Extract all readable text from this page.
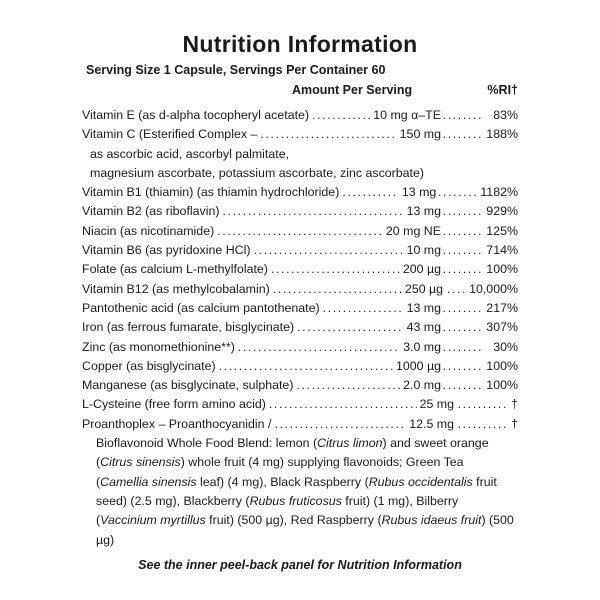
Nutrition Information
Serving Size 1 Capsule, Servings Per Container 60
Amount Per Serving	%RI†
Vitamin E (as d-alpha tocopheryl acetate) .....	10 mg α–TE .....	83%
Vitamin C (Esterified Complex – .....	150 mg .....	188%
as ascorbic acid, ascorbyl palmitate,
magnesium ascorbate, potassium ascorbate, zinc ascorbate)
Vitamin B1 (thiamin) (as thiamin hydrochloride) .....	13 mg .....	1182%
Vitamin B2 (as riboflavin) .....	13 mg .....	929%
Niacin (as nicotinamide) .....	20 mg NE .....	125%
Vitamin B6 (as pyridoxine HCl) .....	10 mg .....	714%
Folate (as calcium L-methylfolate) .....	200 µg .....	100%
Vitamin B12 (as methylcobalamin) .....	250 µg ..... 10,000%
Pantothenic acid (as calcium pantothenate) .....	13 mg .....	217%
Iron (as ferrous fumarate, bisglycinate) .....	43 mg .....	307%
Zinc (as monomethionine**) .....	3.0 mg .....	30%
Copper (as bisglycinate) .....	1000 µg .....	100%
Manganese (as bisglycinate, sulphate) .....	2.0 mg .....	100%
L-Cysteine (free form amino acid) .....	25 mg .....	†
Proanthoplex – Proanthocyanidin / .....	12.5 mg .....	†
Bioflavonoid Whole Food Blend: lemon (Citrus limon) and sweet orange (Citrus sinensis) whole fruit (4 mg) supplying flavonoids; Green Tea (Camellia sinensis leaf) (4 mg), Black Raspberry (Rubus occidentalis fruit seed) (2.5 mg), Blackberry (Rubus fruticosus fruit) (1 mg), Bilberry (Vaccinium myrtillus fruit) (500 µg), Red Raspberry (Rubus idaeus fruit) (500 µg)
See the inner peel-back panel for Nutrition Information
